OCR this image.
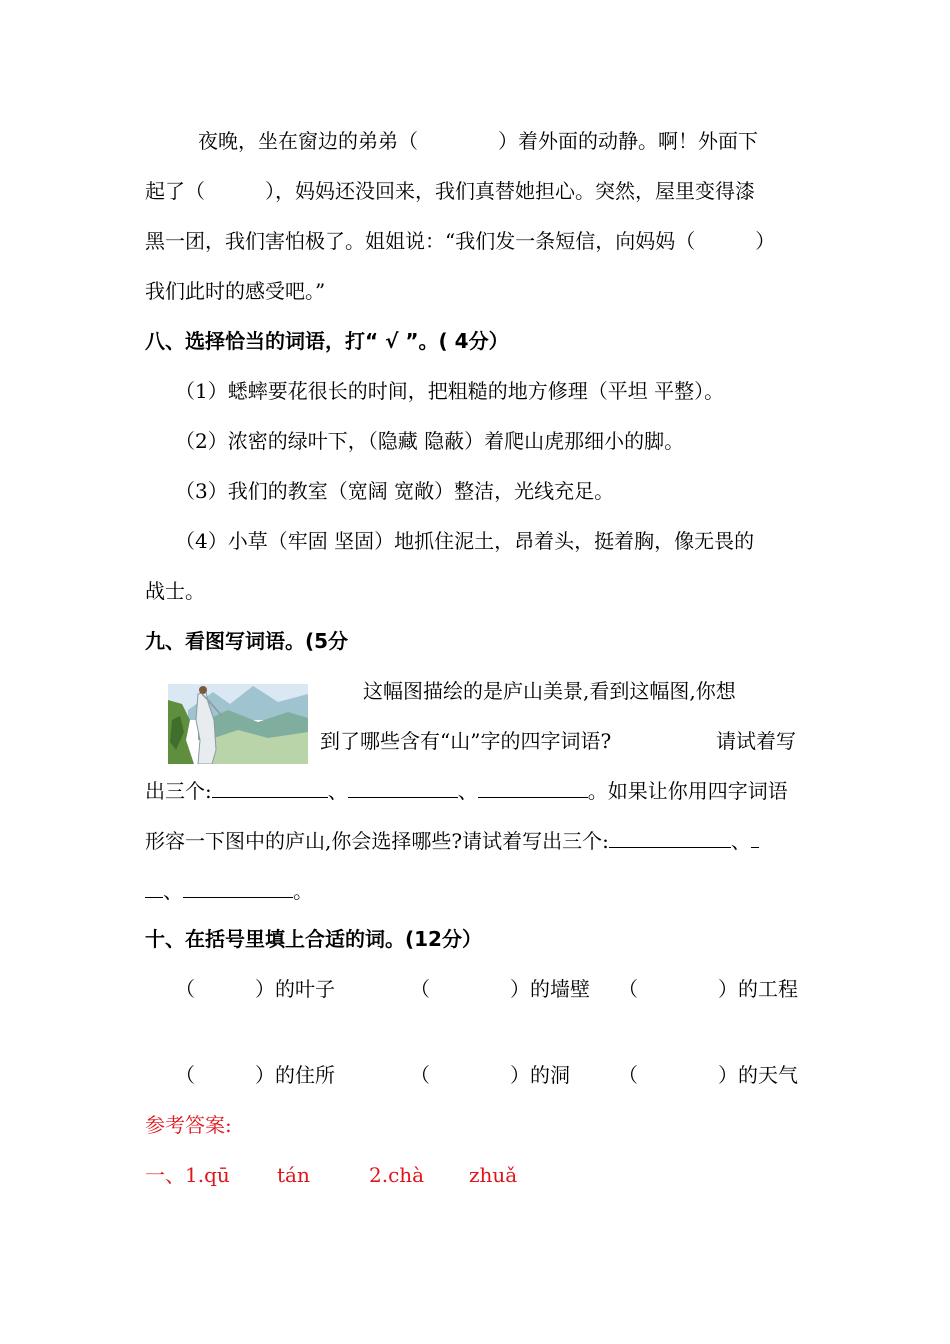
夜晚，坐在窗边的弟弟（　　　　）着外面的动静。啊！外面下
起了（　　　），妈妈还没回来，我们真替她担心。突然，屋里变得漆
黑一团，我们害怕极了。姐姐说：“我们发一条短信，向妈妈（　　　）
我们此时的感受吧。”
八、选择恰当的词语，打“ √ ”。( 4分）
（1）蟋蟀要花很长的时间，把粗糙的地方修理（平坦 平整）。
（2）浓密的绿叶下，（隐藏 隐蔽）着爬山虎那细小的脚。
（3）我们的教室（宽阔 宽敞）整洁，光线充足。
（4）小草（牢固 坚固）地抓住泥土，昂着头，挺着胸，像无畏的
战士。
九、看图写词语。(5分
这幅图描绘的是庐山美景,看到这幅图,你想
到了哪些含有“山”字的四字词语?	请试着写
出三个:	、	、	。如果让你用四字词语
形容一下图中的庐山,你会选择哪些?请试着写出三个:	、
、	。
十、在括号里填上合适的词。(12分）
（　　　）的叶子	（　　　　）的墙壁 （　　　　）的工程
（　　　）的住所	（　　　　）的洞 （　　　　）的天气
参考答案:
一、1.qū tán	2.chà zhuǎ
